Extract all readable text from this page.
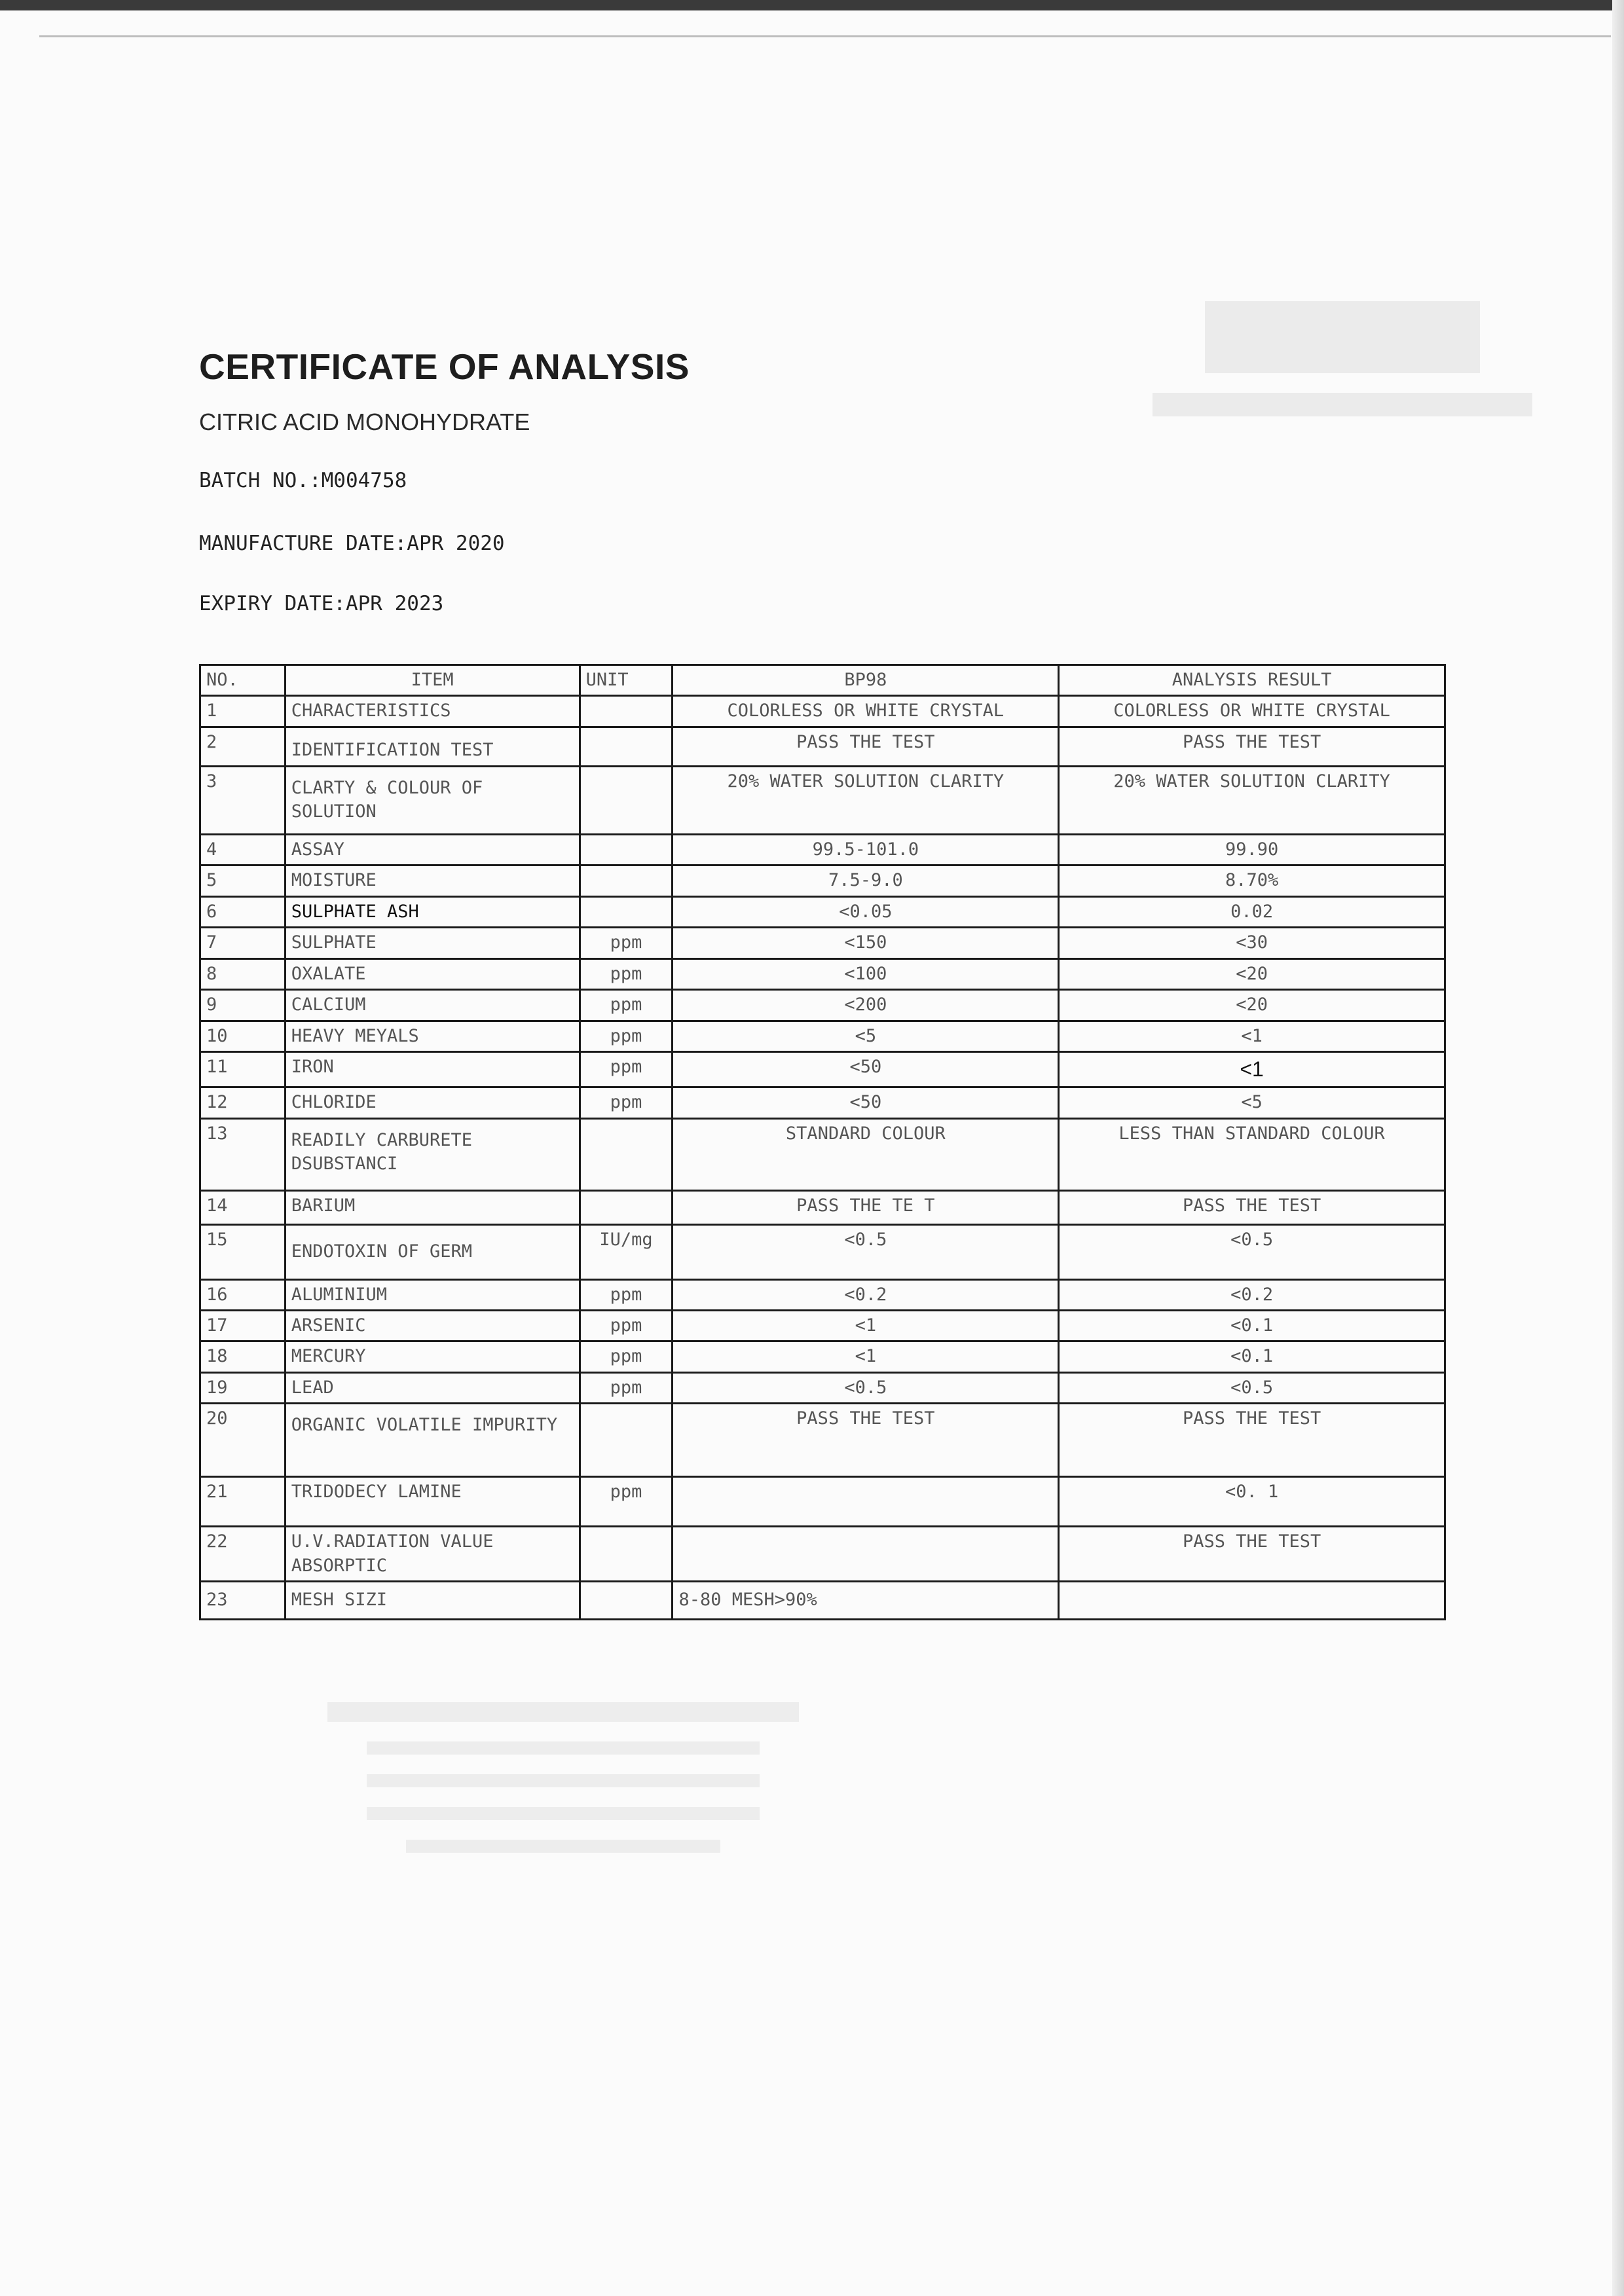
CERTIFICATE OF ANALYSIS
CITRIC ACID MONOHYDRATE
BATCH NO.:M004758
MANUFACTURE DATE:APR 2020
EXPIRY DATE:APR 2023
NO.	ITEM	UNIT	BP98	ANALYSIS RESULT
1	CHARACTERISTICS		COLORLESS OR WHITE CRYSTAL	COLORLESS OR WHITE CRYSTAL
2	IDENTIFICATION TEST		PASS THE TEST	PASS THE TEST
3	CLARTY & COLOUR OF SOLUTION		20% WATER SOLUTION CLARITY	20% WATER SOLUTION CLARITY
4	ASSAY		99.5-101.0	99.90
5	MOISTURE		7.5-9.0	8.70%
6	SULPHATE ASH		<0.05	0.02
7	SULPHATE	ppm	<150	<30
8	OXALATE	ppm	<100	<20
9	CALCIUM	ppm	<200	<20
10	HEAVY MEYALS	ppm	<5	<1
11	IRON	ppm	<50	<1
12	CHLORIDE	ppm	<50	<5
13	READILY CARBURETE DSUBSTANCI		STANDARD COLOUR	LESS THAN STANDARD COLOUR
14	BARIUM		PASS THE TE T	PASS THE TEST
15	ENDOTOXIN OF GERM	IU/mg	<0.5	<0.5
16	ALUMINIUM	ppm	<0.2	<0.2
17	ARSENIC	ppm	<1	<0.1
18	MERCURY	ppm	<1	<0.1
19	LEAD	ppm	<0.5	<0.5
20	ORGANIC VOLATILE IMPURITY		PASS THE TEST	PASS THE TEST
21	TRIDODECY LAMINE	ppm		<0. 1
22	U.V.RADIATION VALUE ABSORPTIC			PASS THE TEST
23	MESH SIZI		8-80 MESH>90%	
